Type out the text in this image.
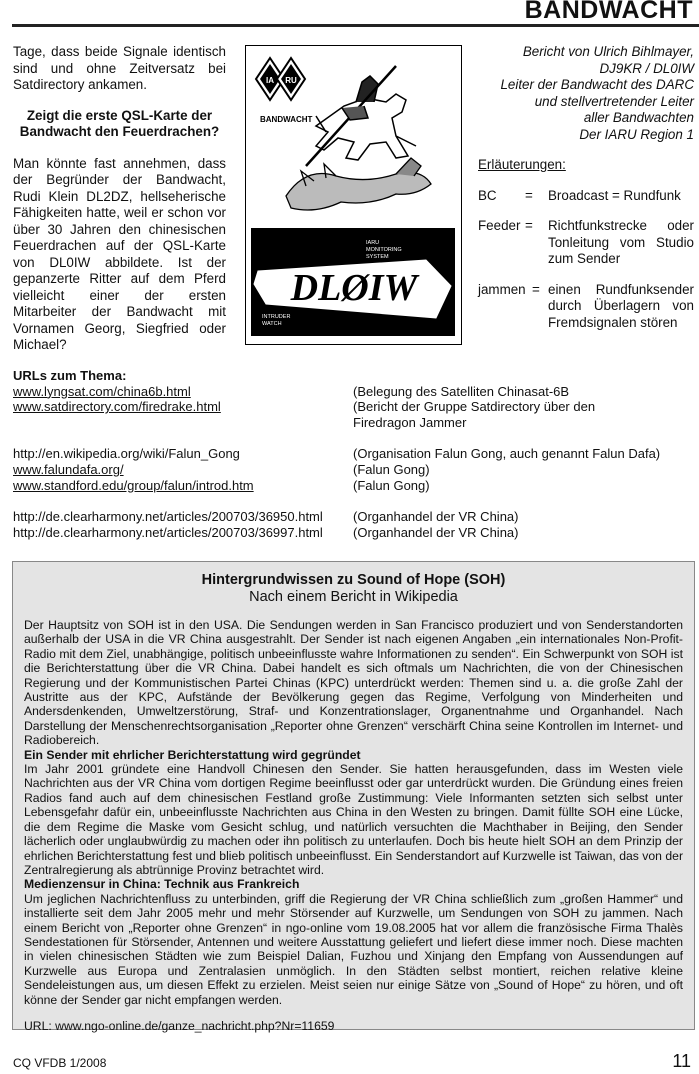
BANDWACHT

Tage, dass beide Signale identisch sind und ohne Zeitversatz bei Satdirectory ankamen.

Zeigt die erste QSL-Karte der Bandwacht den Feuerdrachen?

Man könnte fast annehmen, dass der Begründer der Bandwacht, Rudi Klein DL2DZ, hellseherische Fähigkeiten hatte, weil er schon vor über 30 Jahren den chinesischen Feuerdrachen auf der QSL-Karte von DL0IW abbildete. Ist der gepanzerte Ritter auf dem Pferd vielleicht einer der ersten Mitarbeiter der Bandwacht mit Vornamen Georg, Siegfried oder Michael?

IA RU
BANDWACHT
IARU
MONITORING
SYSTEM
DLØIW
INTRUDER
WATCH
Bericht von Ulrich Bihlmayer,
DJ9KR / DL0IW
Leiter der Bandwacht des DARC
und stellvertretender Leiter
aller Bandwachten
Der IARU Region 1
Erläuterungen:
BC = Broadcast = Rundfunk
Feeder = Richtfunkstrecke oder Tonleitung vom Studio zum Sender
jammen = einen Rundfunksender durch Überlagern von Fremdsignalen stören
URLs zum Thema:
www.lyngsat.com/china6b.html	(Belegung des Satelliten Chinasat-6B
www.satdirectory.com/firedrake.html	(Bericht der Gruppe Satdirectory über den
Firedragon Jammer
http://en.wikipedia.org/wiki/Falun_Gong	(Organisation Falun Gong, auch genannt Falun Dafa)
www.falundafa.org/	(Falun Gong)
www.standford.edu/group/falun/introd.htm	(Falun Gong)
http://de.clearharmony.net/articles/200703/36950.html	(Organhandel der VR China)
http://de.clearharmony.net/articles/200703/36997.html	(Organhandel der VR China)
Hintergrundwissen zu Sound of Hope (SOH)
Nach einem Bericht in Wikipedia

Der Hauptsitz von SOH ist in den USA. Die Sendungen werden in San Francisco produziert und von Senderstandorten außerhalb der USA in die VR China ausgestrahlt. Der Sender ist nach eigenen Angaben „ein internationales Non-Profit-Radio mit dem Ziel, unabhängige, politisch unbeeinflusste wahre Informationen zu senden“. Ein Schwerpunkt von SOH ist die Berichterstattung über die VR China. Dabei handelt es sich oftmals um Nachrichten, die von der Chinesischen Regierung und der Kommunistischen Partei Chinas (KPC) unterdrückt werden: Themen sind u. a. die große Zahl der Austritte aus der KPC, Aufstände der Bevölkerung gegen das Regime, Verfolgung von Minderheiten und Andersdenkenden, Umweltzerstörung, Straf- und Konzentrationslager, Organentnahme und Organhandel. Nach Darstellung der Menschenrechtsorganisation „Reporter ohne Grenzen“ verschärft China seine Kontrollen im Internet- und Radiobereich.

Ein Sender mit ehrlicher Berichterstattung wird gegründet

Im Jahr 2001 gründete eine Handvoll Chinesen den Sender. Sie hatten herausgefunden, dass im Westen viele Nachrichten aus der VR China vom dortigen Regime beeinflusst oder gar unterdrückt wurden. Die Gründung eines freien Radios fand auch auf dem chinesischen Festland große Zustimmung: Viele Informanten setzten sich selbst unter Lebensgefahr dafür ein, unbeeinflusste Nachrichten aus China in den Westen zu bringen. Damit füllte SOH eine Lücke, die dem Regime die Maske vom Gesicht schlug, und natürlich versuchten die Machthaber in Beijing, den Sender lächerlich oder unglaubwürdig zu machen oder ihn politisch zu unterlaufen. Doch bis heute hielt SOH an dem Prinzip der ehrlichen Berichterstattung fest und blieb politisch unbeeinflusst. Ein Senderstandort auf Kurzwelle ist Taiwan, das von der Zentralregierung als abtrünnige Provinz betrachtet wird.

Medienzensur in China: Technik aus Frankreich

Um jeglichen Nachrichtenfluss zu unterbinden, griff die Regierung der VR China schließlich zum „großen Hammer“ und installierte seit dem Jahr 2005 mehr und mehr Störsender auf Kurzwelle, um Sendungen von SOH zu jammen. Nach einem Bericht von „Reporter ohne Grenzen“ in ngo-online vom 19.08.2005 hat vor allem die französische Firma Thalès Sendestationen für Störsender, Antennen und weitere Ausstattung geliefert und liefert diese immer noch. Diese machten in vielen chinesischen Städten wie zum Beispiel Dalian, Fuzhou und Xinjang den Empfang von Aussendungen auf Kurzwelle aus Europa und Zentralasien unmöglich. In den Städten selbst montiert, reichen relative kleine Sendeleistungen aus, um diesen Effekt zu erzielen. Meist seien nur einige Sätze von „Sound of Hope“ zu hören, und oft könne der Sender gar nicht empfangen werden.

URL: www.ngo-online.de/ganze_nachricht.php?Nr=11659

CQ VFDB 1/2008	11
